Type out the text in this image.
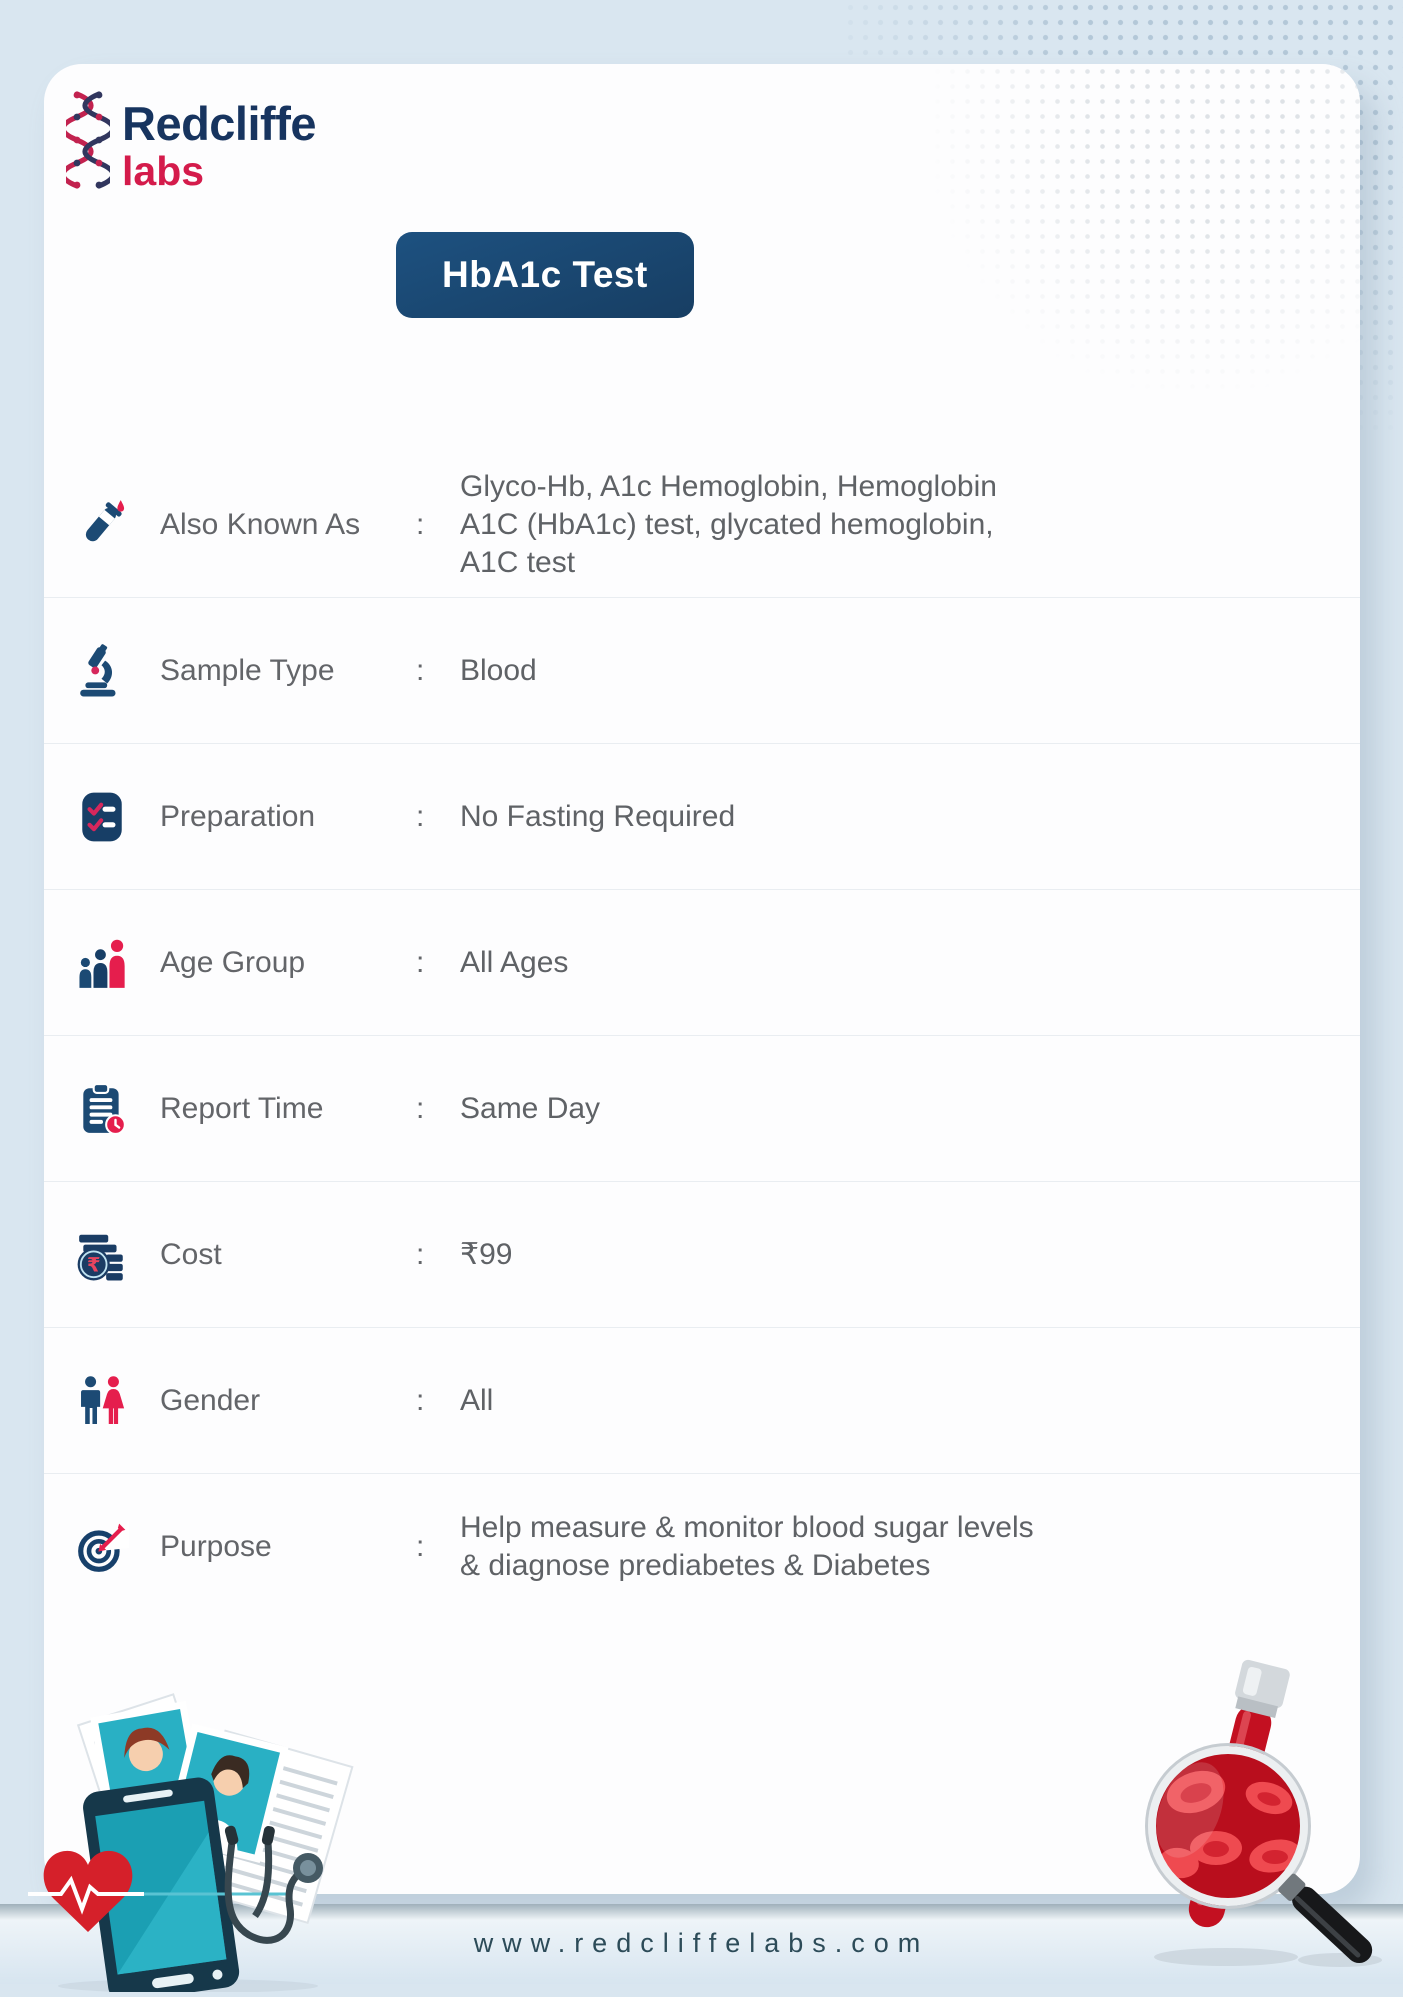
Redcliffe
labs
HbA1c Test
Also Known As	:
Glyco-Hb, A1c Hemoglobin, Hemoglobin A1C (HbA1c) test, glycated hemoglobin, A1C test
Sample Type	:	Blood
Preparation	:	No Fasting Required
Age Group	:	All Ages
Report Time	:	Same Day
₹ Cost	:	₹99
Gender	:	All
Purpose	:
Help measure & monitor blood sugar levels & diagnose prediabetes & Diabetes
www.redcliffelabs.com
